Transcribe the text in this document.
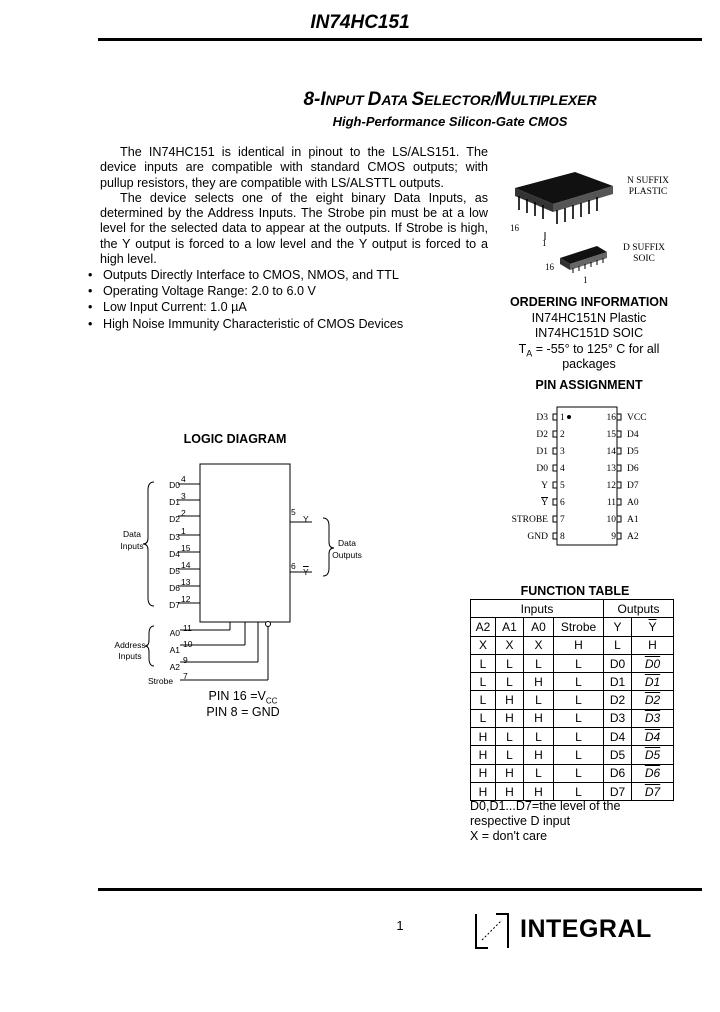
IN74HC151
8-INPUT DATA SELECTOR/MULTIPLEXER
High-Performance Silicon-Gate CMOS

The IN74HC151 is identical in pinout to the LS/ALS151. The device inputs are compatible with standard CMOS outputs; with pullup resistors, they are compatible with LS/ALSTTL outputs.

The device selects one of the eight binary Data Inputs, as determined by the Address Inputs. The Strobe pin must be at a low level for the selected data to appear at the outputs. If Strobe is high, the Y output is forced to a low level and the Y output is forced to a high level.

• Outputs Directly Interface to CMOS, NMOS, and TTL
• Operating Voltage Range: 2.0 to 6.0 V
• Low Input Current: 1.0 µA
• High Noise Immunity Characteristic of CMOS Devices
16
1
16
1
N SUFFIX
PLASTIC
D SUFFIX
SOIC
ORDERING INFORMATION
IN74HC151N Plastic
IN74HC151D SOIC
$T_A = -55^\circ$ to 125° C for all
packages
PIN ASSIGNMENT
D3
D2
D1
D0
Y
$\overline{Y}$
STROBE
GND
1
2
3
4
5
6
7
8
16
15
14
13
12
11
10
9
VCC
D4
D5
D6
D7
A0
A1
A2
LOGIC DIAGRAM
Data
Inputs	Data
Outputs
Address
Inputs
D0
D1
D2
D3
D4
D5
D6
D7
4
3
2
1
15
14
13
12
A0
A1
A2
11
10
9
7
Strobe
5
Y
6
$\overline{Y}$
PIN $16 =V_{CC}$
PIN 8 = GND
FUNCTION TABLE
Inputs				Outputs	
A2	A1	A0	Strobe	Y	$\overline{Y}$
X	X	X	H	L	H
L	L	L	L	D0	D0
L	L	H	L	D1	D1
L	H	L	L	D2	D2
L	H	H	L	D3	D3
H	L	L	L	D4	D4
H	L	H	L	D5	D5
H	H	L	L	D6	D6
H	H	H	L	D7	D7
D0,D1...D7=the level of the
respective D input
X = don't care
1	INTEGRAL
